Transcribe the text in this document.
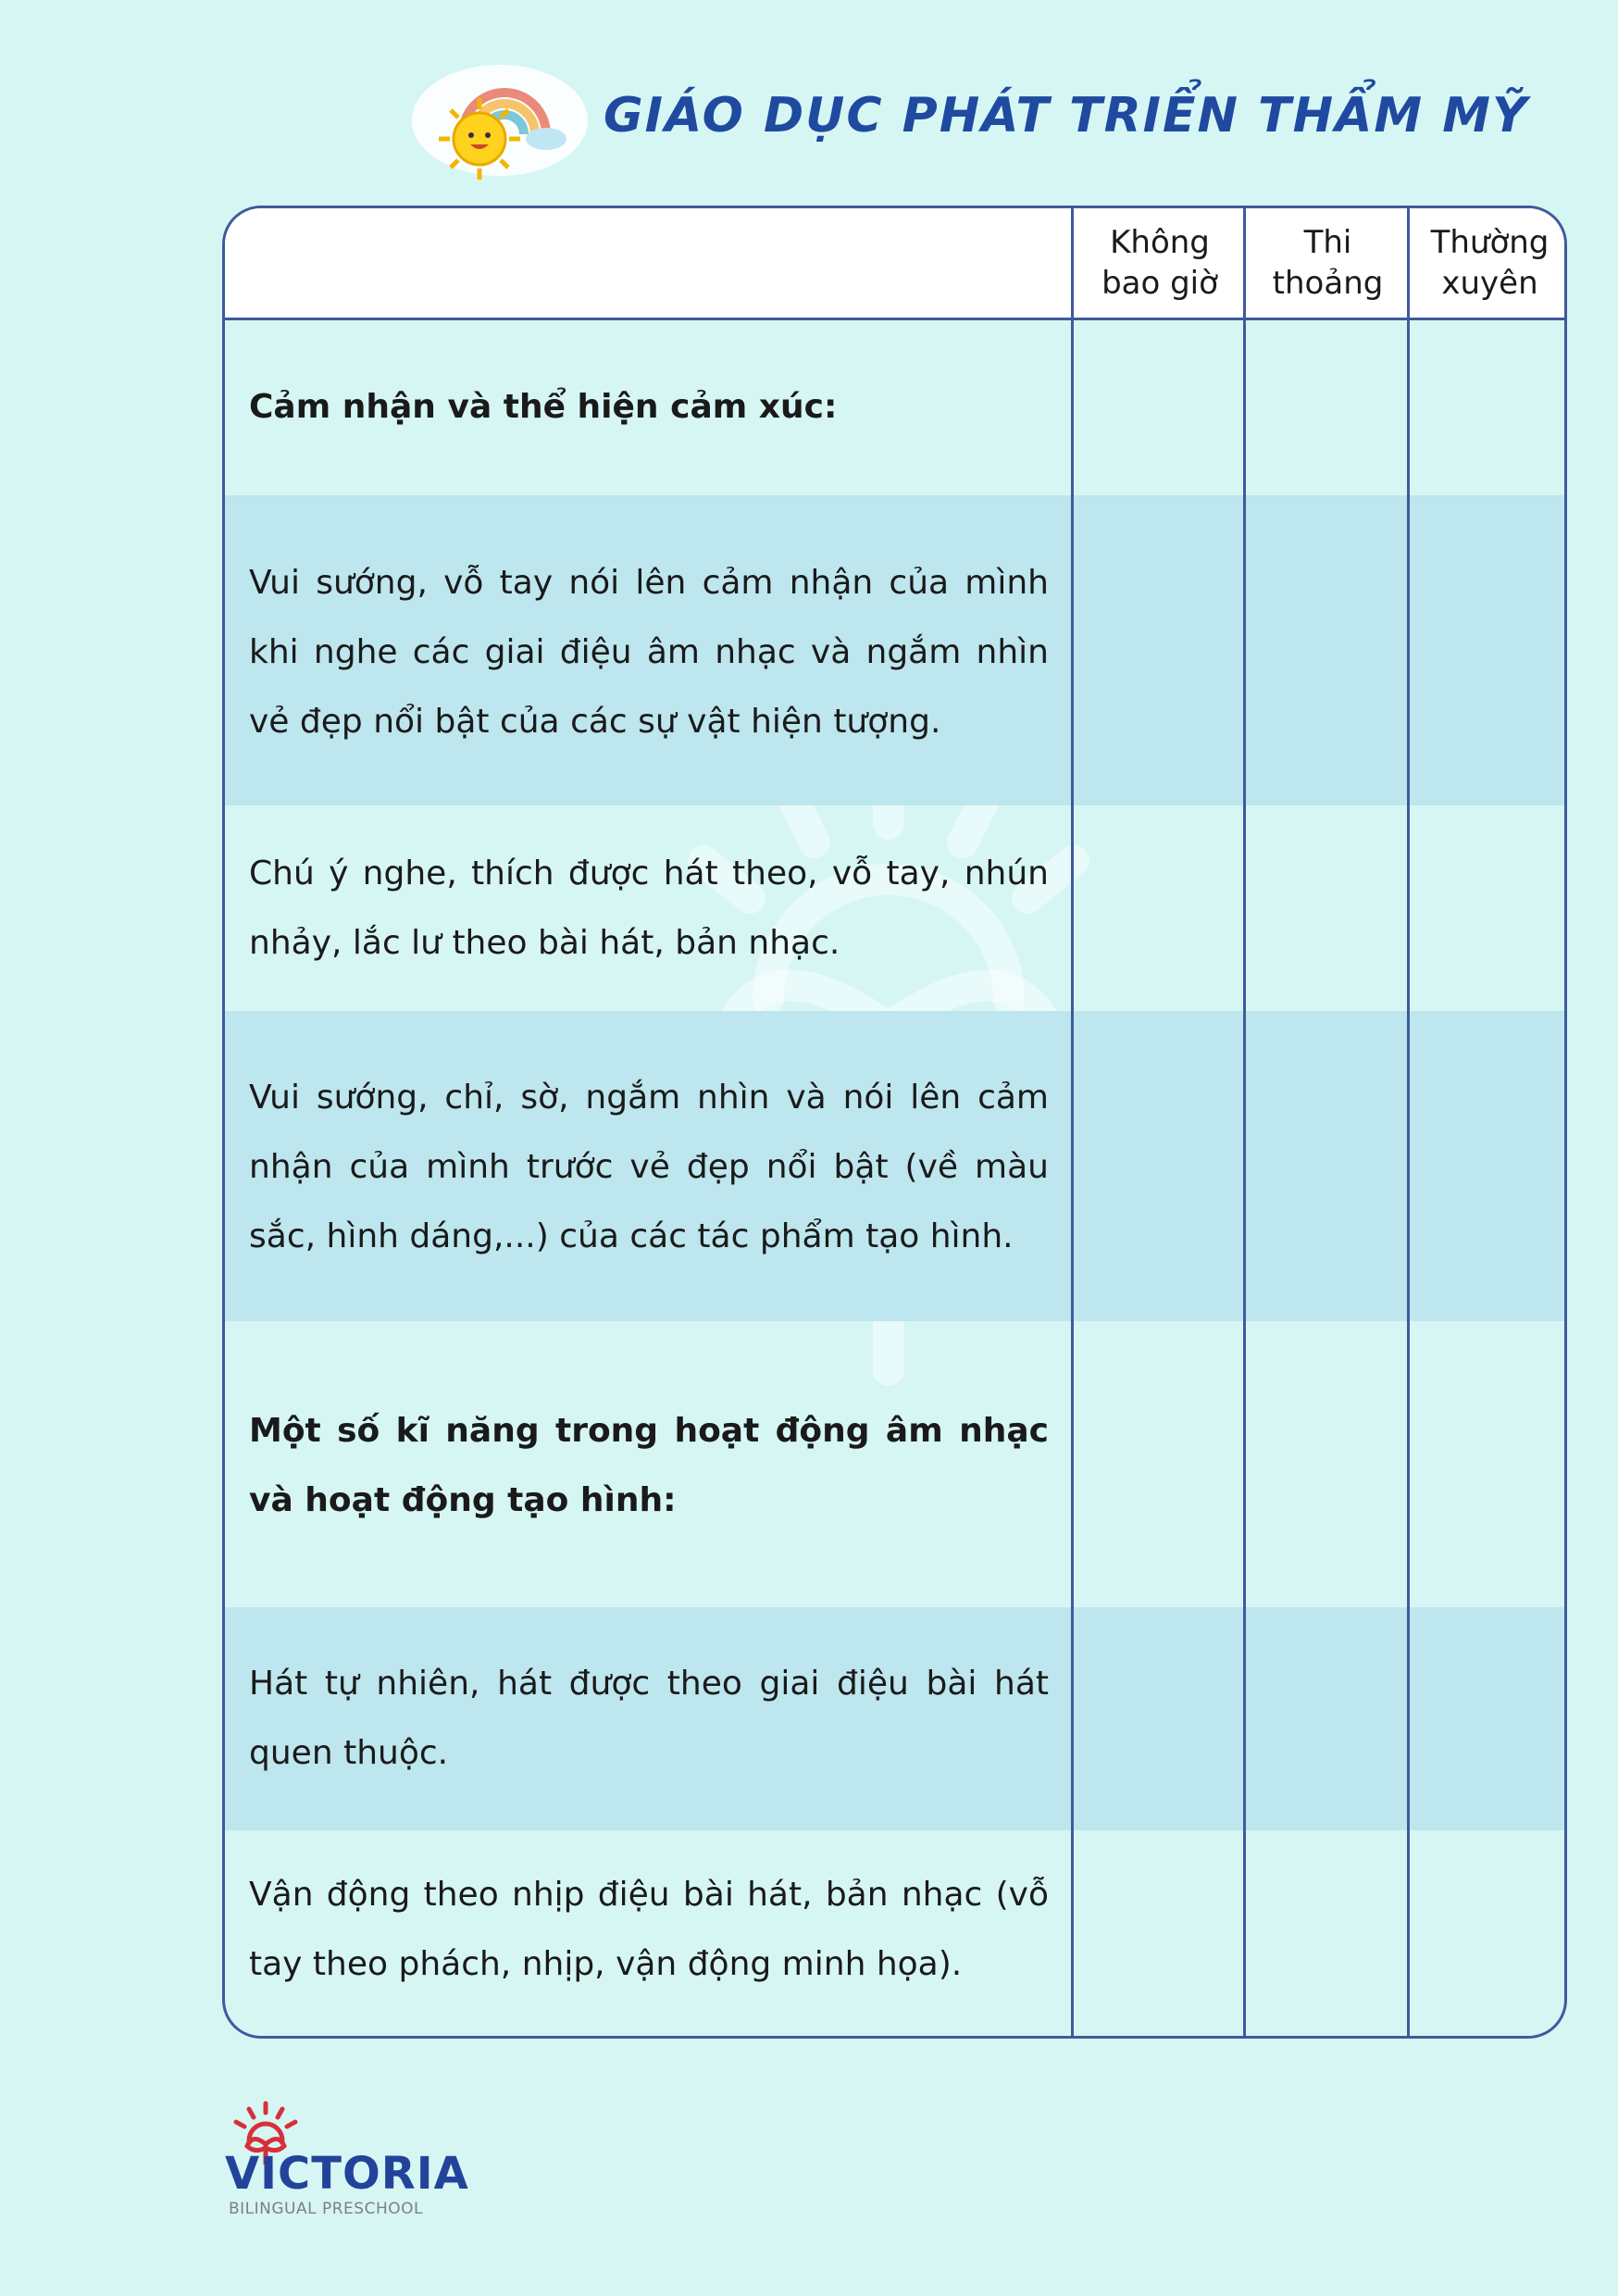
GIÁO DỤC PHÁT TRIỂN THẨM MỸ
Không
bao giờ
Thi
thoảng
Thường
xuyên
Cảm nhận và thể hiện cảm xúc:
Vui sướng, vỗ tay nói lên cảm nhận của mình khi nghe các giai điệu âm nhạc và ngắm nhìn vẻ đẹp nổi bật của các sự vật hiện tượng.
Chú ý nghe, thích được hát theo, vỗ tay, nhún nhảy, lắc lư theo bài hát, bản nhạc.
Vui sướng, chỉ, sờ, ngắm nhìn và nói lên cảm nhận của mình trước vẻ đẹp nổi bật (về màu sắc, hình dáng,...) của các tác phẩm tạo hình.
Một số kĩ năng trong hoạt động âm nhạc và hoạt động tạo hình:
Hát tự nhiên, hát được theo giai điệu bài hát quen thuộc.
Vận động theo nhịp điệu bài hát, bản nhạc (vỗ tay theo phách, nhịp, vận động minh họa).
VICTORIA
BILINGUAL PRESCHOOL
